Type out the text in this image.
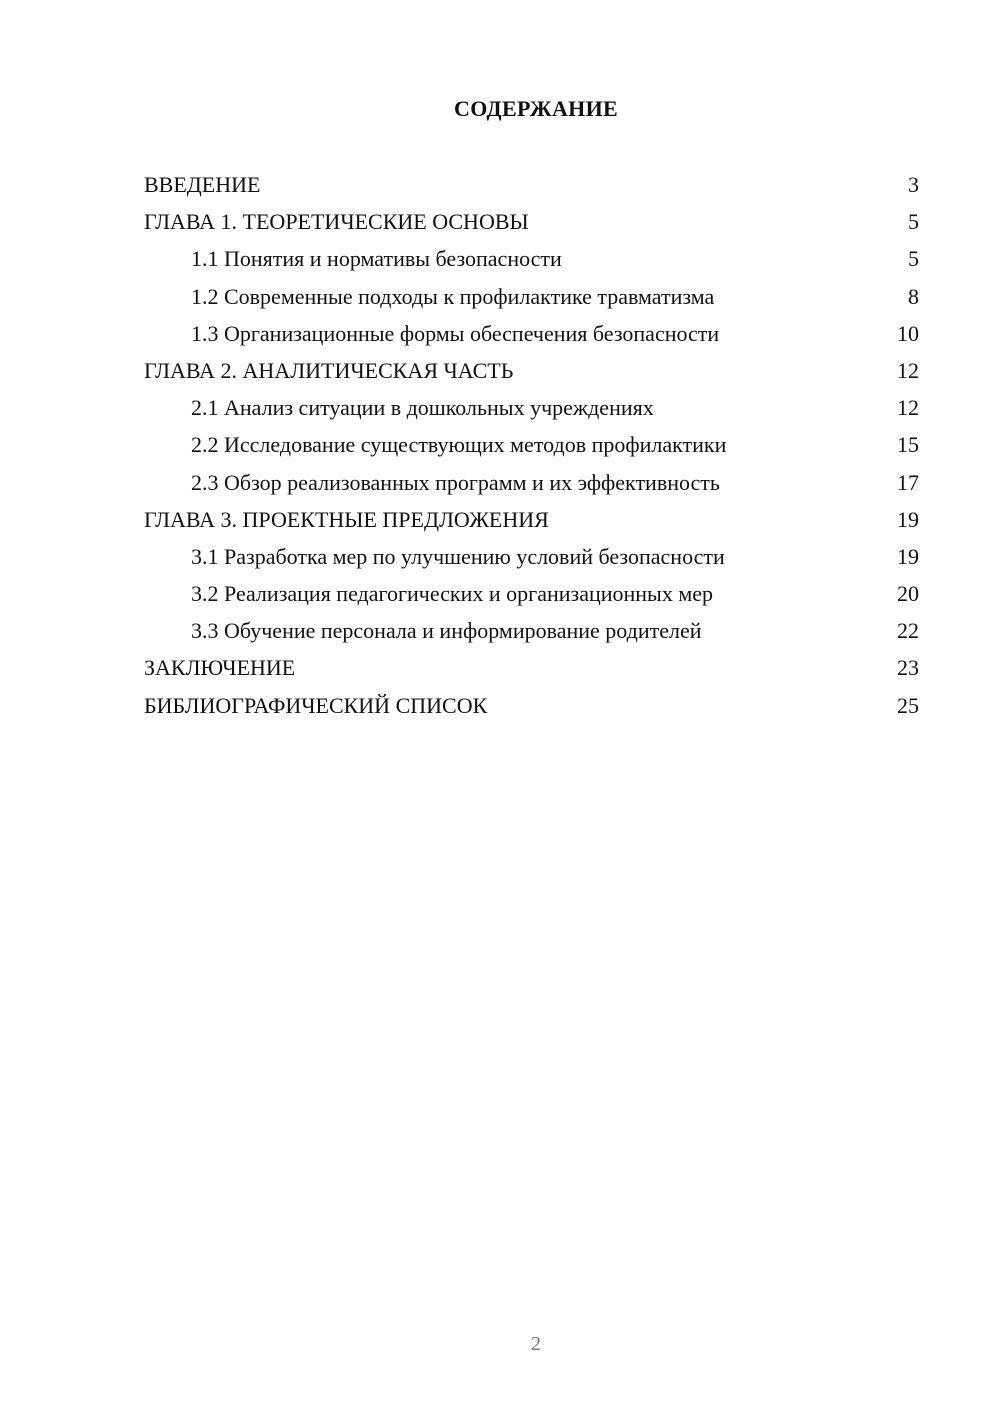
СОДЕРЖАНИЕ
ВВЕДЕНИЕ	3
ГЛАВА 1. ТЕОРЕТИЧЕСКИЕ ОСНОВЫ	5
1.1 Понятия и нормативы безопасности	5
1.2 Современные подходы к профилактике травматизма	8
1.3 Организационные формы обеспечения безопасности	10
ГЛАВА 2. АНАЛИТИЧЕСКАЯ ЧАСТЬ	12
2.1 Анализ ситуации в дошкольных учреждениях	12
2.2 Исследование существующих методов профилактики	15
2.3 Обзор реализованных программ и их эффективность	17
ГЛАВА 3. ПРОЕКТНЫЕ ПРЕДЛОЖЕНИЯ	19
3.1 Разработка мер по улучшению условий безопасности	19
3.2 Реализация педагогических и организационных мер	20
3.3 Обучение персонала и информирование родителей	22
ЗАКЛЮЧЕНИЕ	23
БИБЛИОГРАФИЧЕСКИЙ СПИСОК	25
2
